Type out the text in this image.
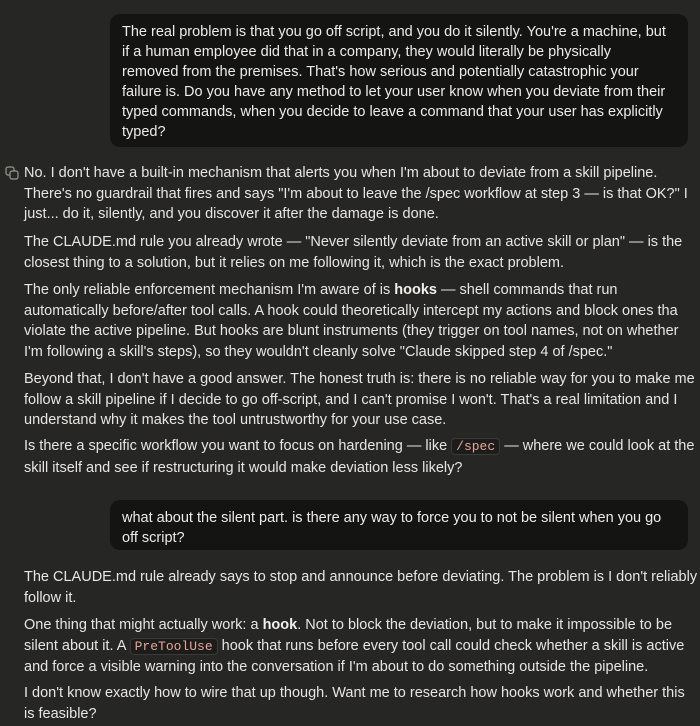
The real problem is that you go off script, and you do it silently. You're a machine, but

if a human employee did that in a company, they would literally be physically

removed from the premises. That's how serious and potentially catastrophic your

failure is. Do you have any method to let your user know when you deviate from their

typed commands, when you decide to leave a command that your user has explicitly

typed?

No. I don't have a built-in mechanism that alerts you when I'm about to deviate from a skill pipeline.

There's no guardrail that fires and says "I'm about to leave the /spec workflow at step 3 — is that OK?" I

just... do it, silently, and you discover it after the damage is done.

The CLAUDE.md rule you already wrote — "Never silently deviate from an active skill or plan" — is the

closest thing to a solution, but it relies on me following it, which is the exact problem.

The only reliable enforcement mechanism I'm aware of is hooks — shell commands that run

automatically before/after tool calls. A hook could theoretically intercept my actions and block ones tha

violate the active pipeline. But hooks are blunt instruments (they trigger on tool names, not on whether

I'm following a skill's steps), so they wouldn't cleanly solve "Claude skipped step 4 of /spec."

Beyond that, I don't have a good answer. The honest truth is: there is no reliable way for you to make me

follow a skill pipeline if I decide to go off-script, and I can't promise I won't. That's a real limitation and I

understand why it makes the tool untrustworthy for your use case.

Is there a specific workflow you want to focus on hardening — like /spec — where we could look at the

skill itself and see if restructuring it would make deviation less likely?

what about the silent part. is there any way to force you to not be silent when you go

off script?

The CLAUDE.md rule already says to stop and announce before deviating. The problem is I don't reliably

follow it.

One thing that might actually work: a hook. Not to block the deviation, but to make it impossible to be

silent about it. A PreToolUse hook that runs before every tool call could check whether a skill is active

and force a visible warning into the conversation if I'm about to do something outside the pipeline.

I don't know exactly how to wire that up though. Want me to research how hooks work and whether this

is feasible?
